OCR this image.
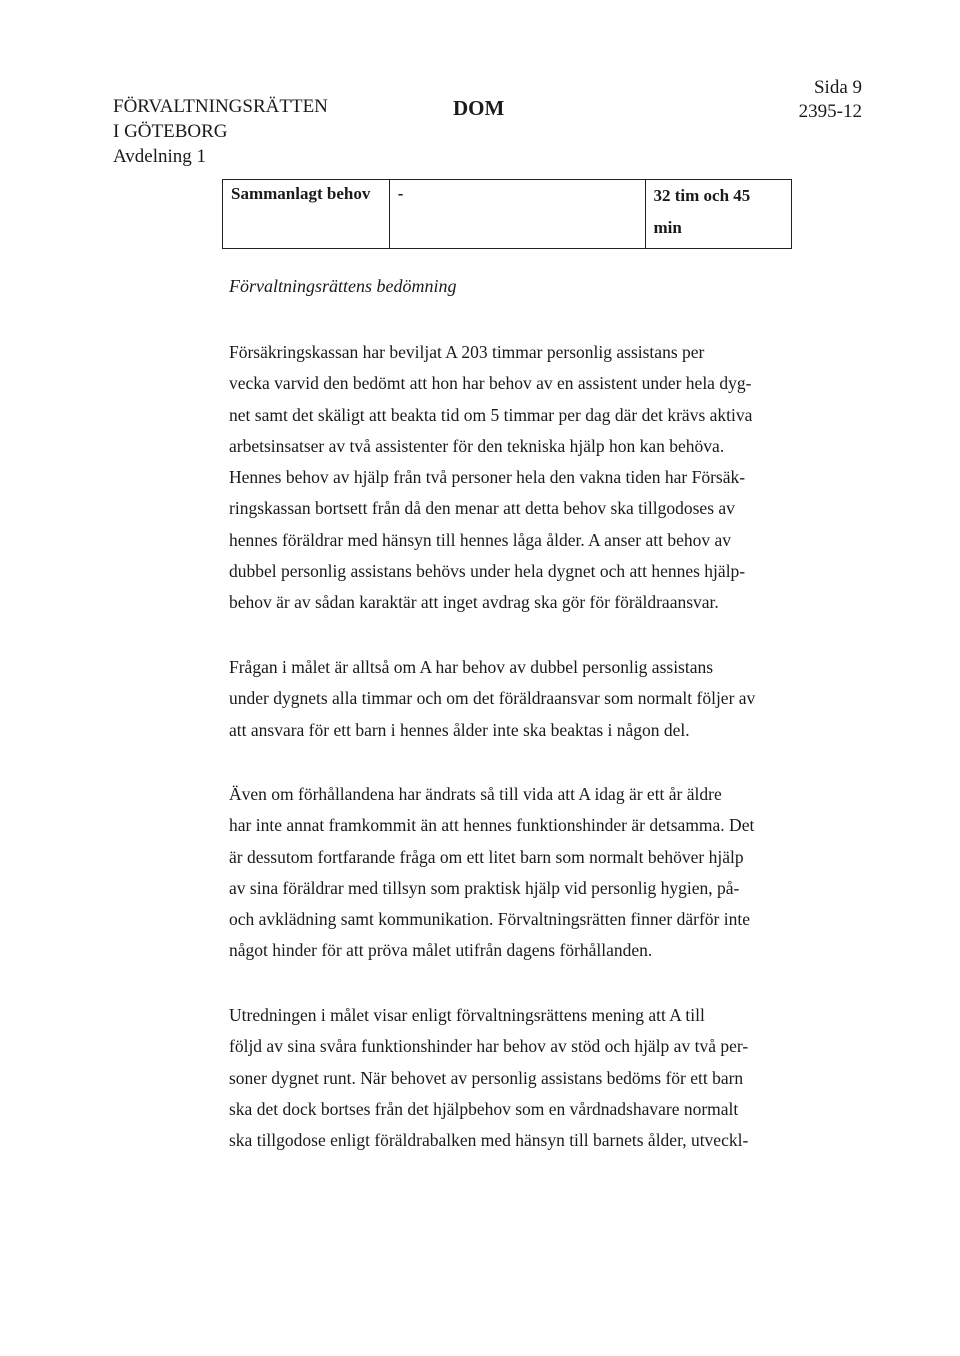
FÖRVALTNINGSRÄTTEN
I GÖTEBORG
Avdelning 1
DOM
Sida 9
2395-12
Sammanlagt behov	-	32 tim och 45
min
Förvaltningsrättens bedömning
Försäkringskassan har beviljat A 203 timmar personlig assistans per
vecka varvid den bedömt att hon har behov av en assistent under hela dyg-
net samt det skäligt att beakta tid om 5 timmar per dag där det krävs aktiva
arbetsinsatser av två assistenter för den tekniska hjälp hon kan behöva.
Hennes behov av hjälp från två personer hela den vakna tiden har Försäk-
ringskassan bortsett från då den menar att detta behov ska tillgodoses av
hennes föräldrar med hänsyn till hennes låga ålder. A anser att behov av
dubbel personlig assistans behövs under hela dygnet och att hennes hjälp-
behov är av sådan karaktär att inget avdrag ska gör för föräldraansvar.
Frågan i målet är alltså om A har behov av dubbel personlig assistans
under dygnets alla timmar och om det föräldraansvar som normalt följer av
att ansvara för ett barn i hennes ålder inte ska beaktas i någon del.
Även om förhållandena har ändrats så till vida att A idag är ett år äldre
har inte annat framkommit än att hennes funktionshinder är detsamma. Det
är dessutom fortfarande fråga om ett litet barn som normalt behöver hjälp
av sina föräldrar med tillsyn som praktisk hjälp vid personlig hygien, på-
och avklädning samt kommunikation. Förvaltningsrätten finner därför inte
något hinder för att pröva målet utifrån dagens förhållanden.
Utredningen i målet visar enligt förvaltningsrättens mening att A till
följd av sina svåra funktionshinder har behov av stöd och hjälp av två per-
soner dygnet runt. När behovet av personlig assistans bedöms för ett barn
ska det dock bortses från det hjälpbehov som en vårdnadshavare normalt
ska tillgodose enligt föräldrabalken med hänsyn till barnets ålder, utveckl-
